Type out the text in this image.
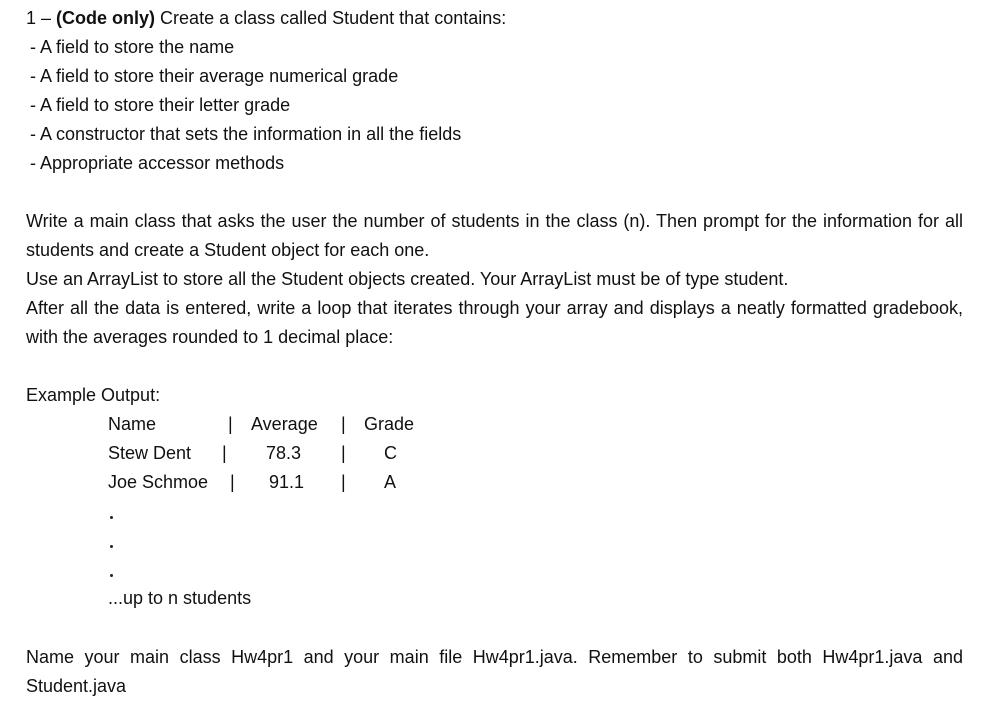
1 – (Code only) Create a class called Student that contains:
- A field to store the name
- A field to store their average numerical grade
- A field to store their letter grade
- A constructor that sets the information in all the fields
- Appropriate accessor methods
Write a main class that asks the user the number of students in the class (n). Then prompt for the information for all students and create a Student object for each one.
Use an ArrayList to store all the Student objects created. Your ArrayList must be of type student.
After all the data is entered, write a loop that iterates through your array and displays a neatly formatted gradebook, with the averages rounded to 1 decimal place:
Example Output:
Name	| Average | Grade
Stew Dent | 78.3 | C
Joe Schmoe | 91.1 | A
...up to n students
Name your main class Hw4pr1 and your main file Hw4pr1.java. Remember to submit both Hw4pr1.java and Student.java
